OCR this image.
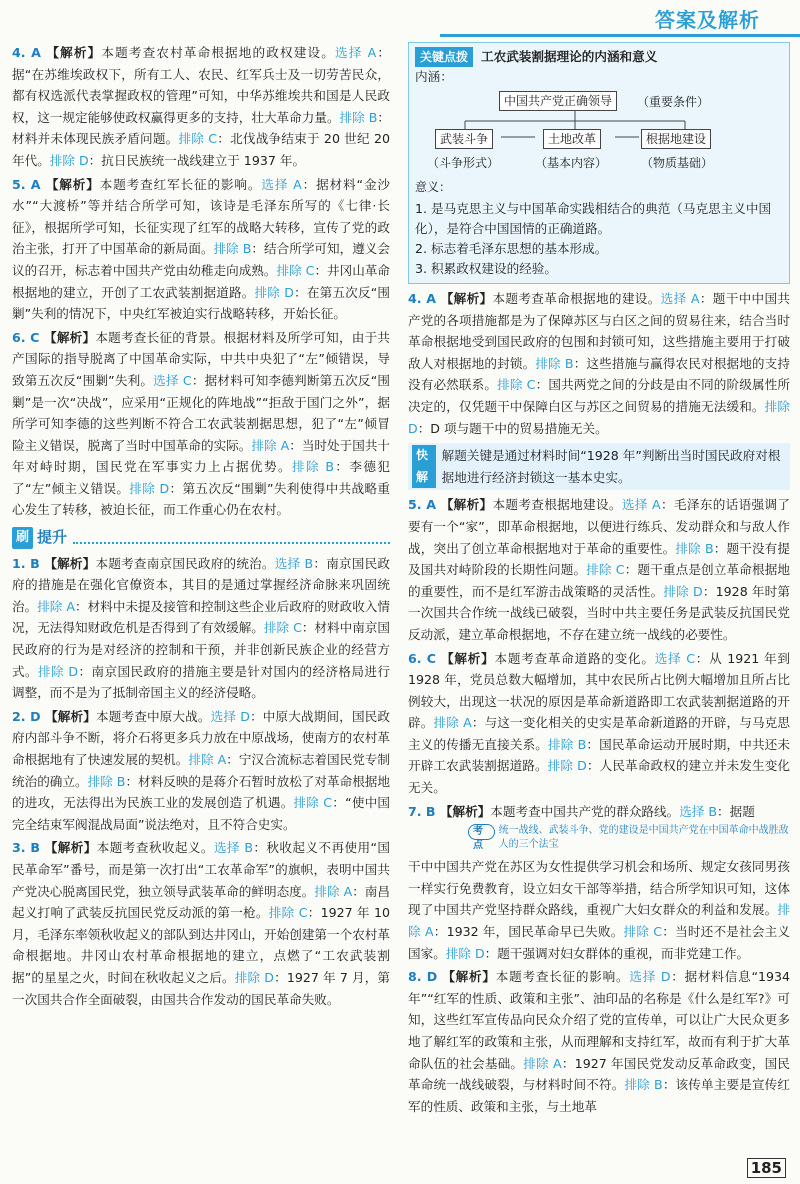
答案及解析
4. A 【解析】本题考查农村革命根据地的政权建设。选择 A：据“在苏维埃政权下，所有工人、农民、红军兵士及一切劳苦民众，都有权选派代表掌握政权的管理”可知，中华苏维埃共和国是人民政权，这一规定能够使政权赢得更多的支持，壮大革命力量。排除 B：材料并未体现民族矛盾问题。排除 C：北伐战争结束于 20 世纪 20 年代。排除 D：抗日民族统一战线建立于 1937 年。
5. A 【解析】本题考查红军长征的影响。选择 A：据材料“金沙水”“大渡桥”等并结合所学可知，该诗是毛泽东所写的《七律·长征》，根据所学可知，长征实现了红军的战略大转移，宣传了党的政治主张，打开了中国革命的新局面。排除 B：结合所学可知，遵义会议的召开，标志着中国共产党由幼稚走向成熟。排除 C：井冈山革命根据地的建立，开创了工农武装割据道路。排除 D：在第五次反“围剿”失利的情况下，中央红军被迫实行战略转移，开始长征。
6. C 【解析】本题考查长征的背景。根据材料及所学可知，由于共产国际的指导脱离了中国革命实际，中共中央犯了“左”倾错误，导致第五次反“围剿”失利。选择 C：据材料可知李德判断第五次反“围剿”是一次“决战”，应采用“正规化的阵地战”“拒敌于国门之外”，据所学可知李德的这些判断不符合工农武装割据思想，犯了“左”倾冒险主义错误，脱离了当时中国革命的实际。排除 A：当时处于国共十年对峙时期，国民党在军事实力上占据优势。排除 B：李德犯了“左”倾主义错误。排除 D：第五次反“围剿”失利使得中共战略重心发生了转移，被迫长征，而工作重心仍在农村。
刷 提升
1. B 【解析】本题考查南京国民政府的统治。选择 B：南京国民政府的措施是在强化官僚资本，其目的是通过掌握经济命脉来巩固统治。排除 A：材料中未提及接管和控制这些企业后政府的财政收入情况，无法得知财政危机是否得到了有效缓解。排除 C：材料中南京国民政府的行为是对经济的控制和干预，并非创新民族企业的经营方式。排除 D：南京国民政府的措施主要是针对国内的经济格局进行调整，而不是为了抵制帝国主义的经济侵略。
2. D 【解析】本题考查中原大战。选择 D：中原大战期间，国民政府内部斗争不断，将介石将更多兵力放在中原战场，使南方的农村革命根据地有了快速发展的契机。排除 A：宁汉合流标志着国民党专制统治的确立。排除 B：材料反映的是蒋介石暂时放松了对革命根据地的进攻，无法得出为民族工业的发展创造了机遇。排除 C：“使中国完全结束军阀混战局面”说法绝对，且不符合史实。
3. B 【解析】本题考查秋收起义。选择 B：秋收起义不再使用“国民革命军”番号，而是第一次打出“工农革命军”的旗帜，表明中国共产党决心脱离国民党，独立领导武装革命的鲜明态度。排除 A：南昌起义打响了武装反抗国民党反动派的第一枪。排除 C：1927 年 10 月，毛泽东率领秋收起义的部队到达井冈山，开始创建第一个农村革命根据地。井冈山农村革命根据地的建立，点燃了“工农武装割据”的星星之火，时间在秋收起义之后。排除 D：1927 年 7 月，第一次国共合作全面破裂，由国共合作发动的国民革命失败。
关键点拨	工农武装割据理论的内涵和意义
内涵：
中国共产党正确领导	（重要条件）
武装斗争	土地改革	根据地建设
（斗争形式）	（基本内容）	（物质基础）
意义：
1. 是马克思主义与中国革命实践相结合的典范（马克思主义中国化），是符合中国国情的正确道路。
2. 标志着毛泽东思想的基本形成。
3. 积累政权建设的经验。
4. A 【解析】本题考查革命根据地的建设。选择 A：题干中中国共产党的各项措施都是为了保障苏区与白区之间的贸易往来，结合当时革命根据地受到国民政府的包围和封锁可知，这些措施主要用于打破敌人对根据地的封锁。排除 B：这些措施与赢得农民对根据地的支持没有必然联系。排除 C：国共两党之间的分歧是由不同的阶级属性所决定的，仅凭题干中保障白区与苏区之间贸易的措施无法缓和。排除 D：D 项与题干中的贸易措施无关。
快解
解题关键是通过材料时间“1928 年”判断出当时国民政府对根据地进行经济封锁这一基本史实。
5. A 【解析】本题考查根据地建设。选择 A：毛泽东的话语强调了要有一个“家”，即革命根据地，以便进行练兵、发动群众和与敌人作战，突出了创立革命根据地对于革命的重要性。排除 B：题干没有提及国共对峙阶段的长期性问题。排除 C：题干重点是创立革命根据地的重要性，而不是红军游击战策略的灵活性。排除 D：1928 年时第一次国共合作统一战线已破裂，当时中共主要任务是武装反抗国民党反动派，建立革命根据地，不存在建立统一战线的必要性。
6. C 【解析】本题考查革命道路的变化。选择 C：从 1921 年到 1928 年，党员总数大幅增加，其中农民所占比例大幅增加且所占比例较大，出现这一状况的原因是革命新道路即工农武装割据道路的开辟。排除 A：与这一变化相关的史实是革命新道路的开辟，与马克思主义的传播无直接关系。排除 B：国民革命运动开展时期，中共还未开辟工农武装割据道路。排除 D：人民革命政权的建立并未发生变化无关。
7. B 【解析】本题考查中国共产党的群众路线。选择 B：据题
考点
统一战线、武装斗争、党的建设是中国共产党在中国革命中战胜敌人的三个法宝
干中中国共产党在苏区为女性提供学习机会和场所、规定女孩同男孩一样实行免费教育，设立妇女干部等举措，结合所学知识可知，这体现了中国共产党坚持群众路线，重视广大妇女群众的利益和发展。排除 A：1932 年，国民革命早已失败。排除 C：当时还不是社会主义国家。排除 D：题干强调对妇女群体的重视，而非党建工作。
8. D 【解析】本题考查长征的影响。选择 D：据材料信息“1934 年”“红军的性质、政策和主张”、油印品的名称是《什么是红军?》可知，这些红军宣传品向民众介绍了党的宣传单，可以让广大民众更多地了解红军的政策和主张，从而理解和支持红军，故而有利于扩大革命队伍的社会基础。排除 A：1927 年国民党发动反革命政变，国民革命统一战线破裂，与材料时间不符。排除 B：该传单主要是宣传红军的性质、政策和主张，与土地革
185
